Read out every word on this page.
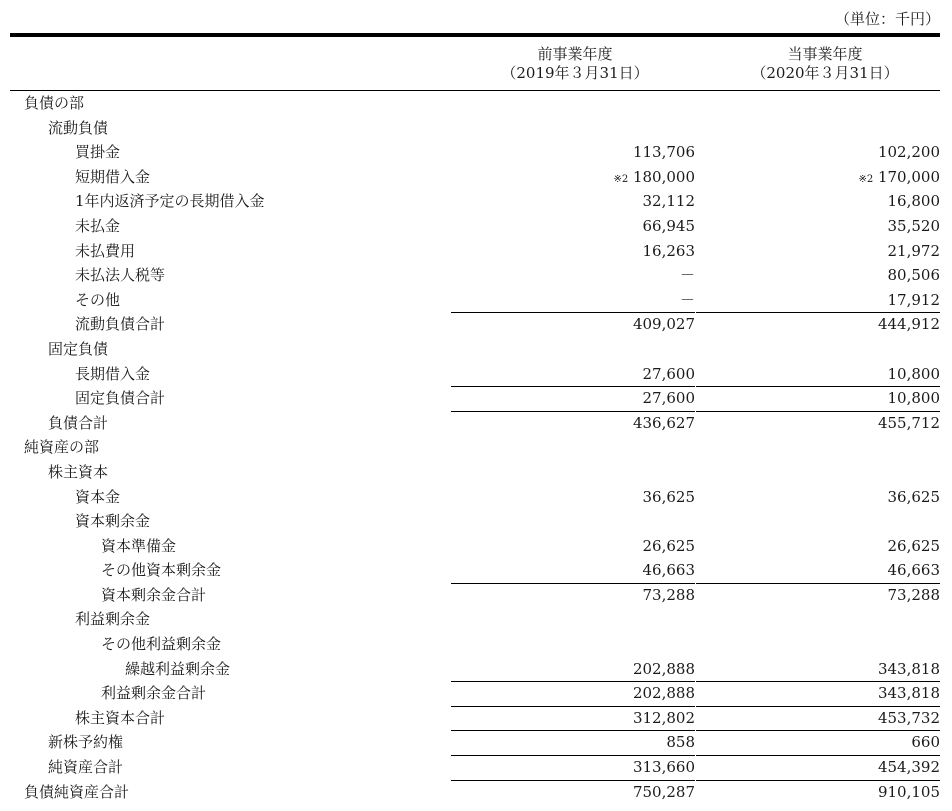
（単位：千円）
前事業年度
（2019年３月31日）
当事業年度
（2020年３月31日）
負債の部
流動負債
買掛金	113,706	102,200
短期借入金	※2 180,000	※2 170,000
1年内返済予定の長期借入金	32,112	16,800
未払金	66,945	35,520
未払費用	16,263	21,972
未払法人税等	－	80,506
その他	－	17,912
流動負債合計	409,027	444,912
固定負債
長期借入金	27,600	10,800
固定負債合計	27,600	10,800
負債合計	436,627	455,712
純資産の部
株主資本
資本金	36,625	36,625
資本剰余金
資本準備金	26,625	26,625
その他資本剰余金	46,663	46,663
資本剰余金合計	73,288	73,288
利益剰余金
その他利益剰余金
繰越利益剰余金	202,888	343,818
利益剰余金合計	202,888	343,818
株主資本合計	312,802	453,732
新株予約権	858	660
純資産合計	313,660	454,392
負債純資産合計	750,287	910,105
